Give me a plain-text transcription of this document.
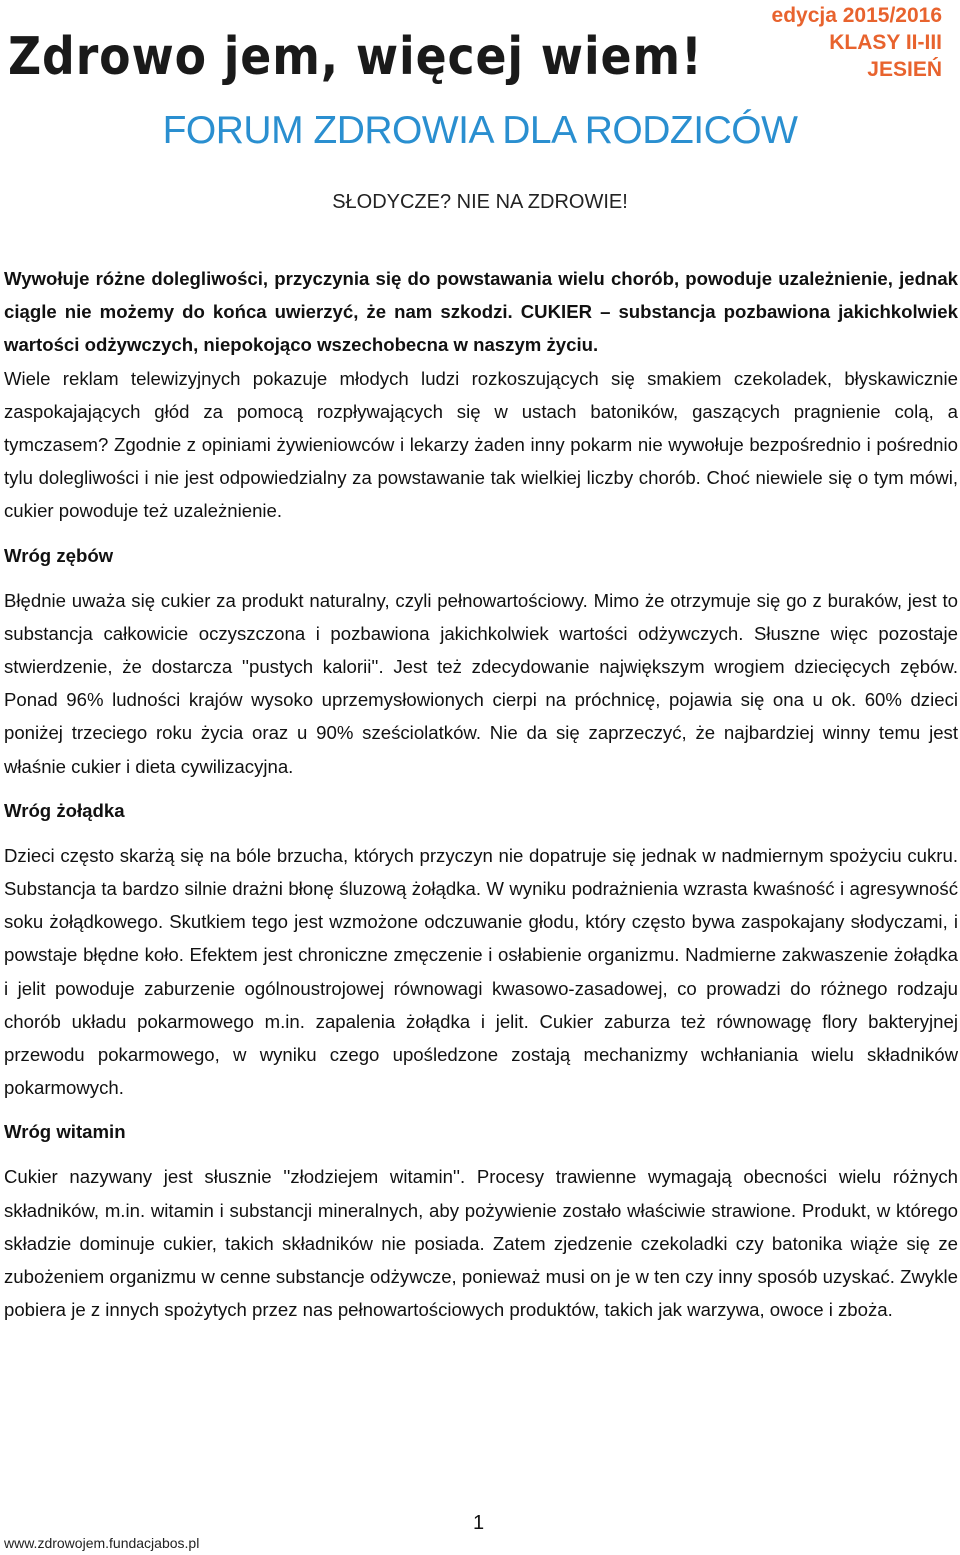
Zdrowo jem, więcej wiem!
edycja 2015/2016
KLASY II-III
JESIEŃ
FORUM ZDROWIA DLA RODZICÓW
SŁODYCZE? NIE NA ZDROWIE!

Wywołuje różne dolegliwości, przyczynia się do powstawania wielu chorób, powoduje uzależnienie, jednak ciągle nie możemy do końca uwierzyć, że nam szkodzi. CUKIER – substancja pozbawiona jakichkolwiek wartości odżywczych, niepokojąco wszechobecna w naszym życiu.

Wiele reklam telewizyjnych pokazuje młodych ludzi rozkoszujących się smakiem czekoladek, błyskawicznie zaspokajających głód za pomocą rozpływających się w ustach batoników, gaszących pragnienie colą, a tymczasem? Zgodnie z opiniami żywieniowców i lekarzy żaden inny pokarm nie wywołuje bezpośrednio i pośrednio tylu dolegliwości i nie jest odpowiedzialny za powstawanie tak wielkiej liczby chorób. Choć niewiele się o tym mówi, cukier powoduje też uzależnienie.

Wróg zębów

Błędnie uważa się cukier za produkt naturalny, czyli pełnowartościowy. Mimo że otrzymuje się go z buraków, jest to substancja całkowicie oczyszczona i pozbawiona jakichkolwiek wartości odżywczych. Słuszne więc pozostaje stwierdzenie, że dostarcza ''pustych kalorii''. Jest też zdecydowanie największym wrogiem dziecięcych zębów. Ponad 96% ludności krajów wysoko uprzemysłowionych cierpi na próchnicę, pojawia się ona u ok. 60% dzieci poniżej trzeciego roku życia oraz u 90% sześciolatków. Nie da się zaprzeczyć, że najbardziej winny temu jest właśnie cukier i dieta cywilizacyjna.

Wróg żołądka

Dzieci często skarżą się na bóle brzucha, których przyczyn nie dopatruje się jednak w nadmiernym spożyciu cukru. Substancja ta bardzo silnie drażni błonę śluzową żołądka. W wyniku podrażnienia wzrasta kwaśność i agresywność soku żołądkowego. Skutkiem tego jest wzmożone odczuwanie głodu, który często bywa zaspokajany słodyczami, i powstaje błędne koło. Efektem jest chroniczne zmęczenie i osłabienie organizmu. Nadmierne zakwaszenie żołądka i jelit powoduje zaburzenie ogólnoustrojowej równowagi kwasowo-zasadowej, co prowadzi do różnego rodzaju chorób układu pokarmowego m.in. zapalenia żołądka i jelit. Cukier zaburza też równowagę flory bakteryjnej przewodu pokarmowego, w wyniku czego upośledzone zostają mechanizmy wchłaniania wielu składników pokarmowych.

Wróg witamin

Cukier nazywany jest słusznie ''złodziejem witamin''. Procesy trawienne wymagają obecności wielu różnych składników, m.in. witamin i substancji mineralnych, aby pożywienie zostało właściwie strawione. Produkt, w którego składzie dominuje cukier, takich składników nie posiada. Zatem zjedzenie czekoladki czy batonika wiąże się ze zubożeniem organizmu w cenne substancje odżywcze, ponieważ musi on je w ten czy inny sposób uzyskać. Zwykle pobiera je z innych spożytych przez nas pełnowartościowych produktów, takich jak warzywa, owoce i zboża.

1
www.zdrowojem.fundacjabos.pl
